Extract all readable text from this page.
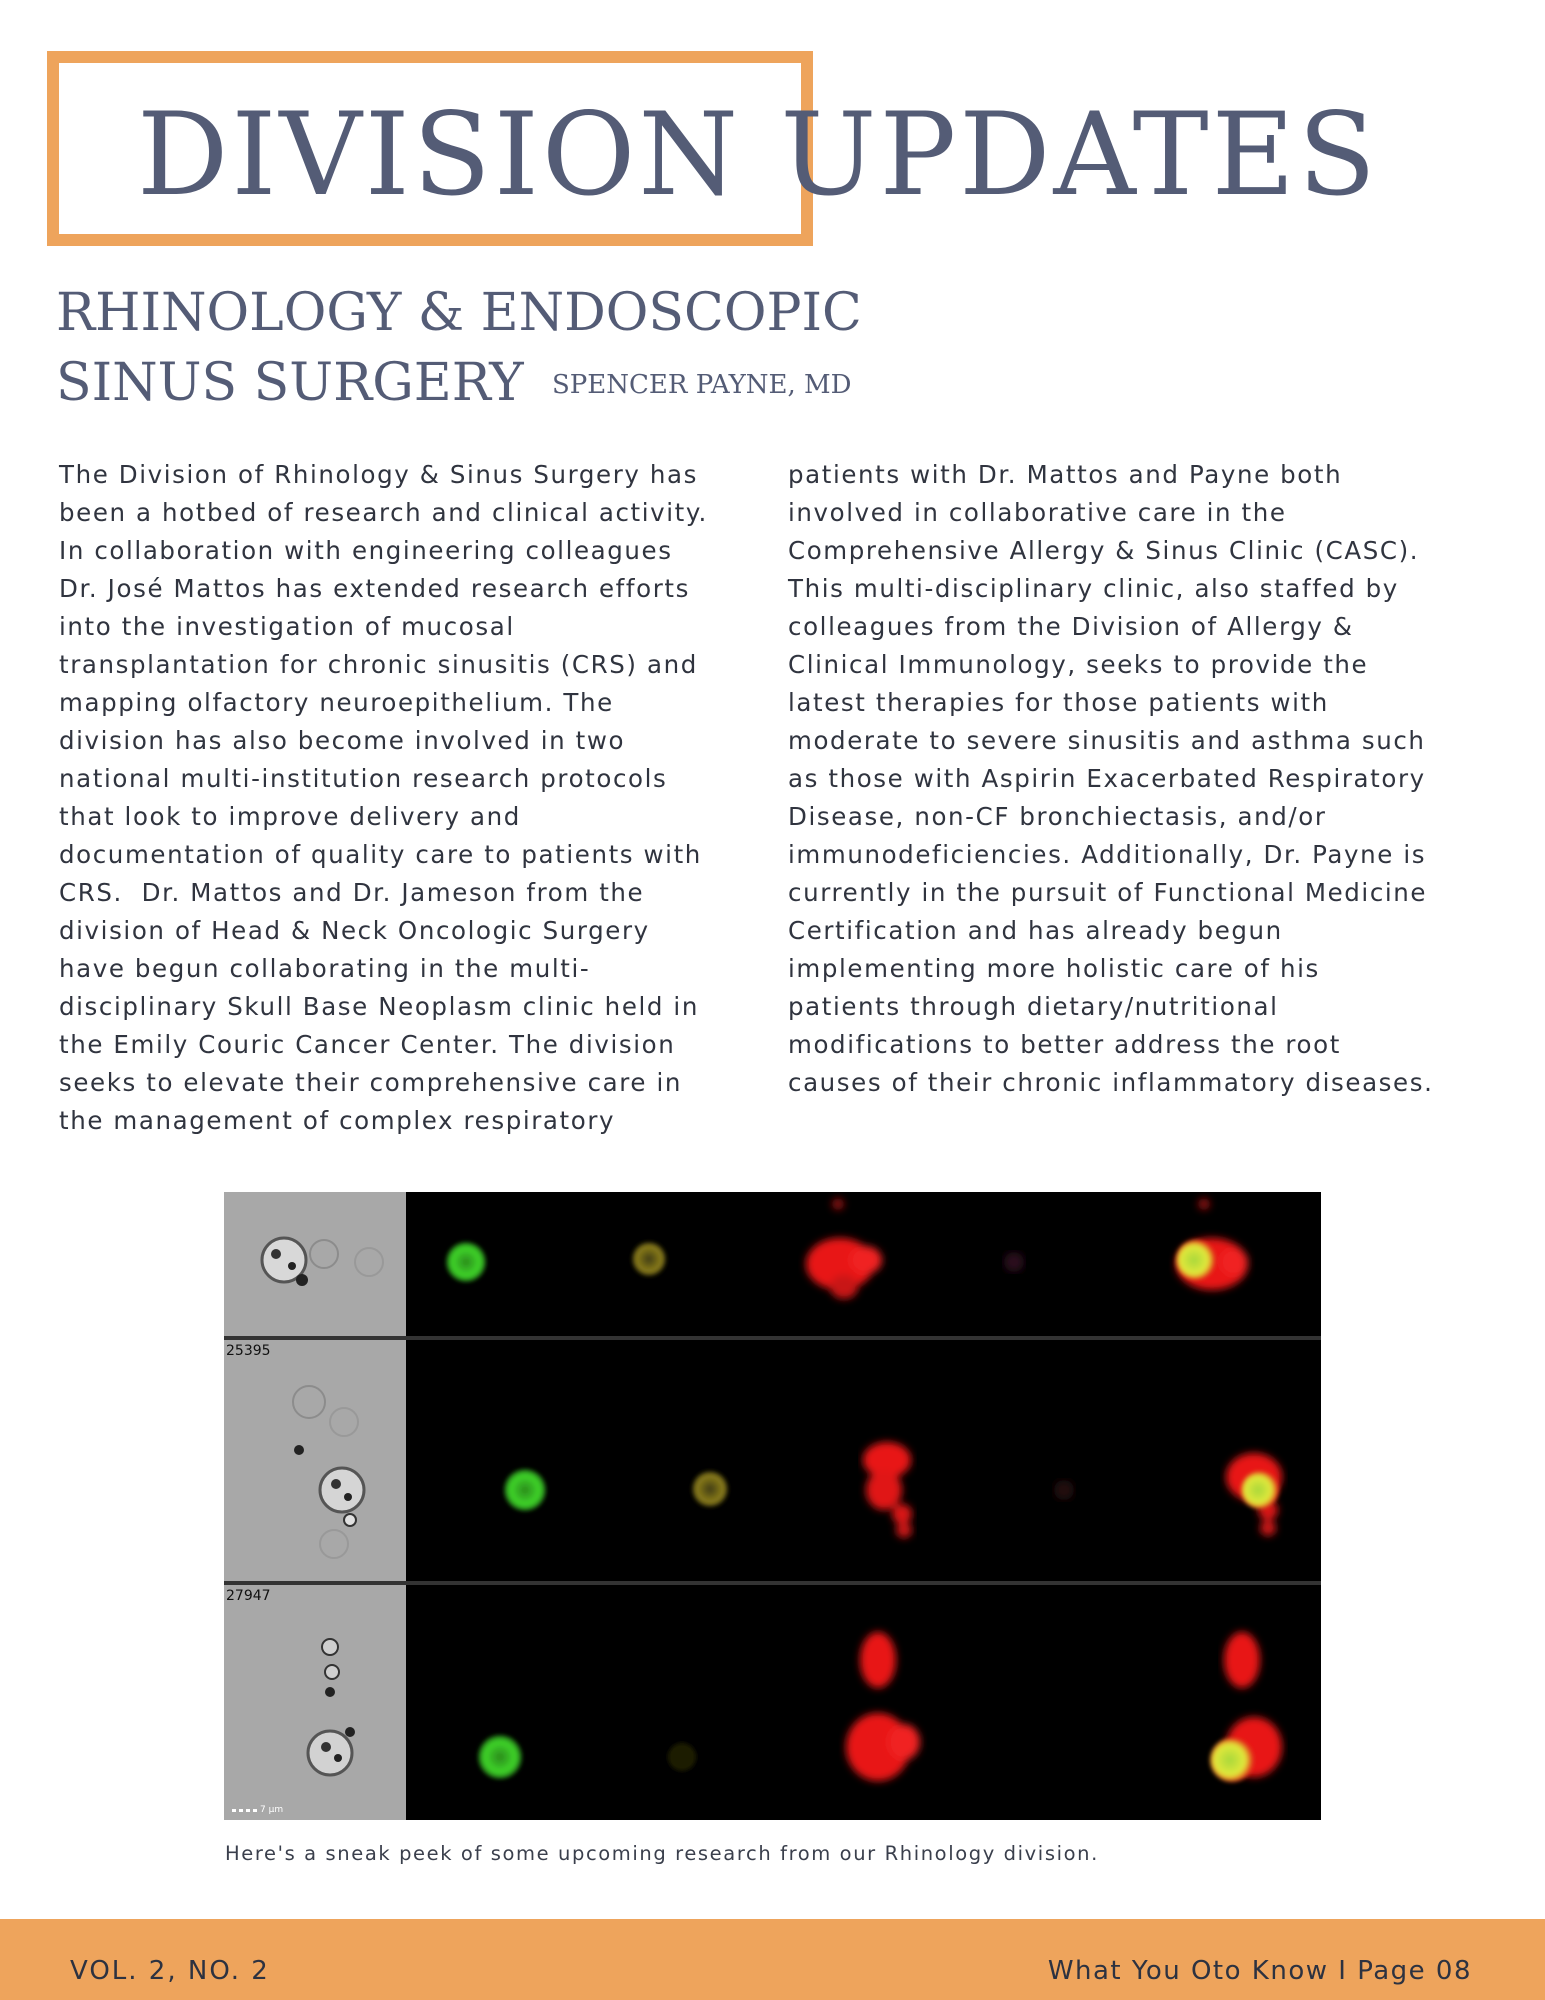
DIVISION UPDATES
RHINOLOGY & ENDOSCOPIC
SINUS SURGERY	SPENCER PAYNE, MD
The Division of Rhinology & Sinus Surgery has
been a hotbed of research and clinical activity.
In collaboration with engineering colleagues
Dr. José Mattos has extended research efforts
into the investigation of mucosal
transplantation for chronic sinusitis (CRS) and
mapping olfactory neuroepithelium. The
division has also become involved in two
national multi-institution research protocols
that look to improve delivery and
documentation of quality care to patients with
CRS.  Dr. Mattos and Dr. Jameson from the
division of Head & Neck Oncologic Surgery
have begun collaborating in the multi-
disciplinary Skull Base Neoplasm clinic held in
the Emily Couric Cancer Center. The division
seeks to elevate their comprehensive care in
the management of complex respiratory
patients with Dr. Mattos and Payne both
involved in collaborative care in the
Comprehensive Allergy & Sinus Clinic (CASC).
This multi-disciplinary clinic, also staffed by
colleagues from the Division of Allergy &
Clinical Immunology, seeks to provide the
latest therapies for those patients with
moderate to severe sinusitis and asthma such
as those with Aspirin Exacerbated Respiratory
Disease, non-CF bronchiectasis, and/or
immunodeficiencies. Additionally, Dr. Payne is
currently in the pursuit of Functional Medicine
Certification and has already begun
implementing more holistic care of his
patients through dietary/nutritional
modifications to better address the root
causes of their chronic inflammatory diseases.
7 µm
25395
27947
Here's a sneak peek of some upcoming research from our Rhinology division.
VOL. 2, NO. 2	What You Oto Know I Page 08
